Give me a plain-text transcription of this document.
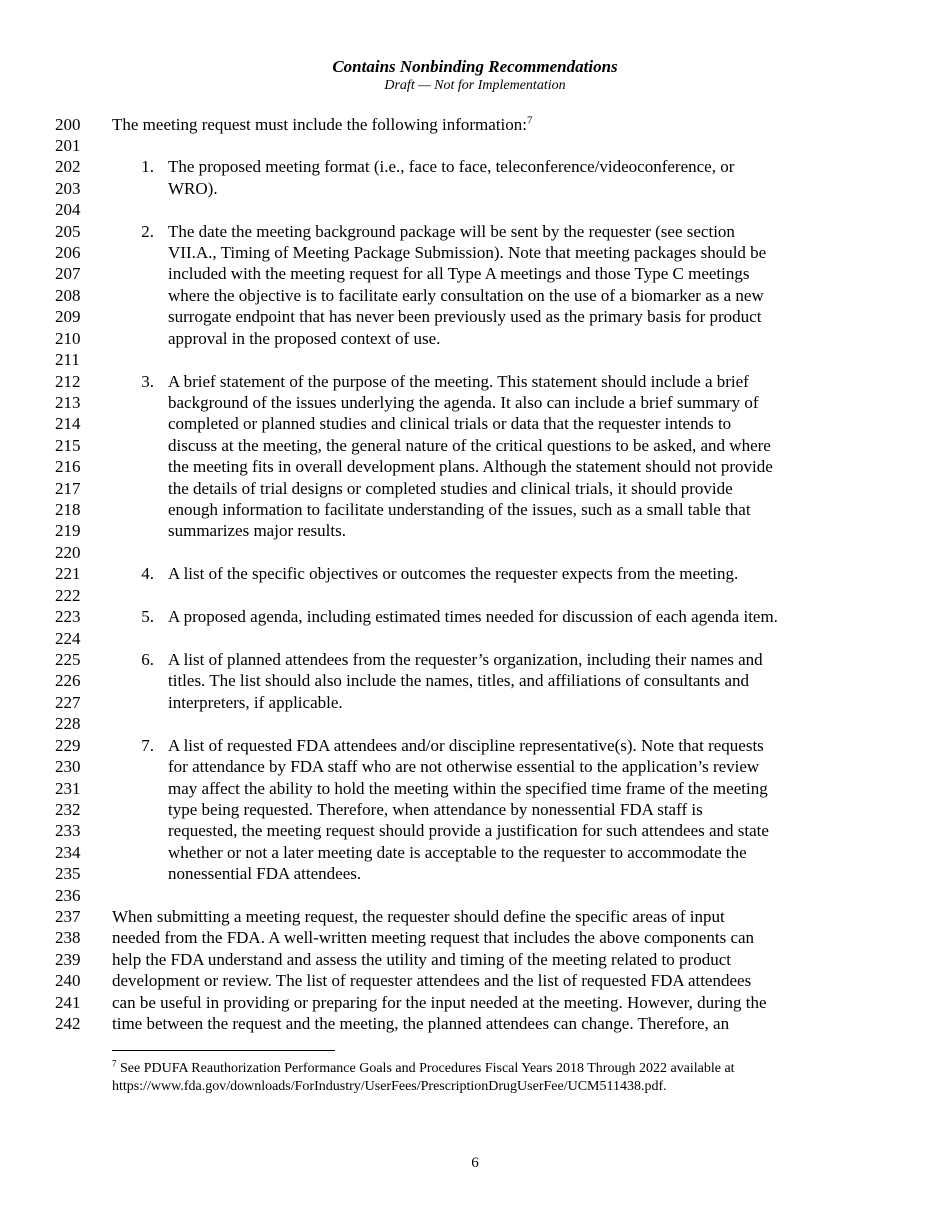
Contains Nonbinding Recommendations
Draft — Not for Implementation
200
201
202
203
204
205
206
207
208
209
210
211
212
213
214
215
216
217
218
219
220
221
222
223
224
225
226
227
228
229
230
231
232
233
234
235
236
237
238
239
240
241
242
The meeting request must include the following information:$^7$
1. The proposed meeting format (i.e., face to face, teleconference/videoconference, or
WRO).
2. The date the meeting background package will be sent by the requester (see section
VII.A., Timing of Meeting Package Submission). Note that meeting packages should be
included with the meeting request for all Type A meetings and those Type C meetings
where the objective is to facilitate early consultation on the use of a biomarker as a new
surrogate endpoint that has never been previously used as the primary basis for product
approval in the proposed context of use.
3. A brief statement of the purpose of the meeting. This statement should include a brief
background of the issues underlying the agenda. It also can include a brief summary of
completed or planned studies and clinical trials or data that the requester intends to
discuss at the meeting, the general nature of the critical questions to be asked, and where
the meeting fits in overall development plans. Although the statement should not provide
the details of trial designs or completed studies and clinical trials, it should provide
enough information to facilitate understanding of the issues, such as a small table that
summarizes major results.
4. A list of the specific objectives or outcomes the requester expects from the meeting.
5. A proposed agenda, including estimated times needed for discussion of each agenda item.
6. A list of planned attendees from the requester’s organization, including their names and
titles. The list should also include the names, titles, and affiliations of consultants and
interpreters, if applicable.
7. A list of requested FDA attendees and/or discipline representative(s). Note that requests
for attendance by FDA staff who are not otherwise essential to the application’s review
may affect the ability to hold the meeting within the specified time frame of the meeting
type being requested. Therefore, when attendance by nonessential FDA staff is
requested, the meeting request should provide a justification for such attendees and state
whether or not a later meeting date is acceptable to the requester to accommodate the
nonessential FDA attendees.
When submitting a meeting request, the requester should define the specific areas of input
needed from the FDA. A well-written meeting request that includes the above components can
help the FDA understand and assess the utility and timing of the meeting related to product
development or review. The list of requester attendees and the list of requested FDA attendees
can be useful in providing or preparing for the input needed at the meeting. However, during the
time between the request and the meeting, the planned attendees can change. Therefore, an
$^7$ See PDUFA Reauthorization Performance Goals and Procedures Fiscal Years 2018 Through 2022 available at
https://www.fda.gov/downloads/ForIndustry/UserFees/PrescriptionDrugUserFee/UCM511438.pdf.
6
